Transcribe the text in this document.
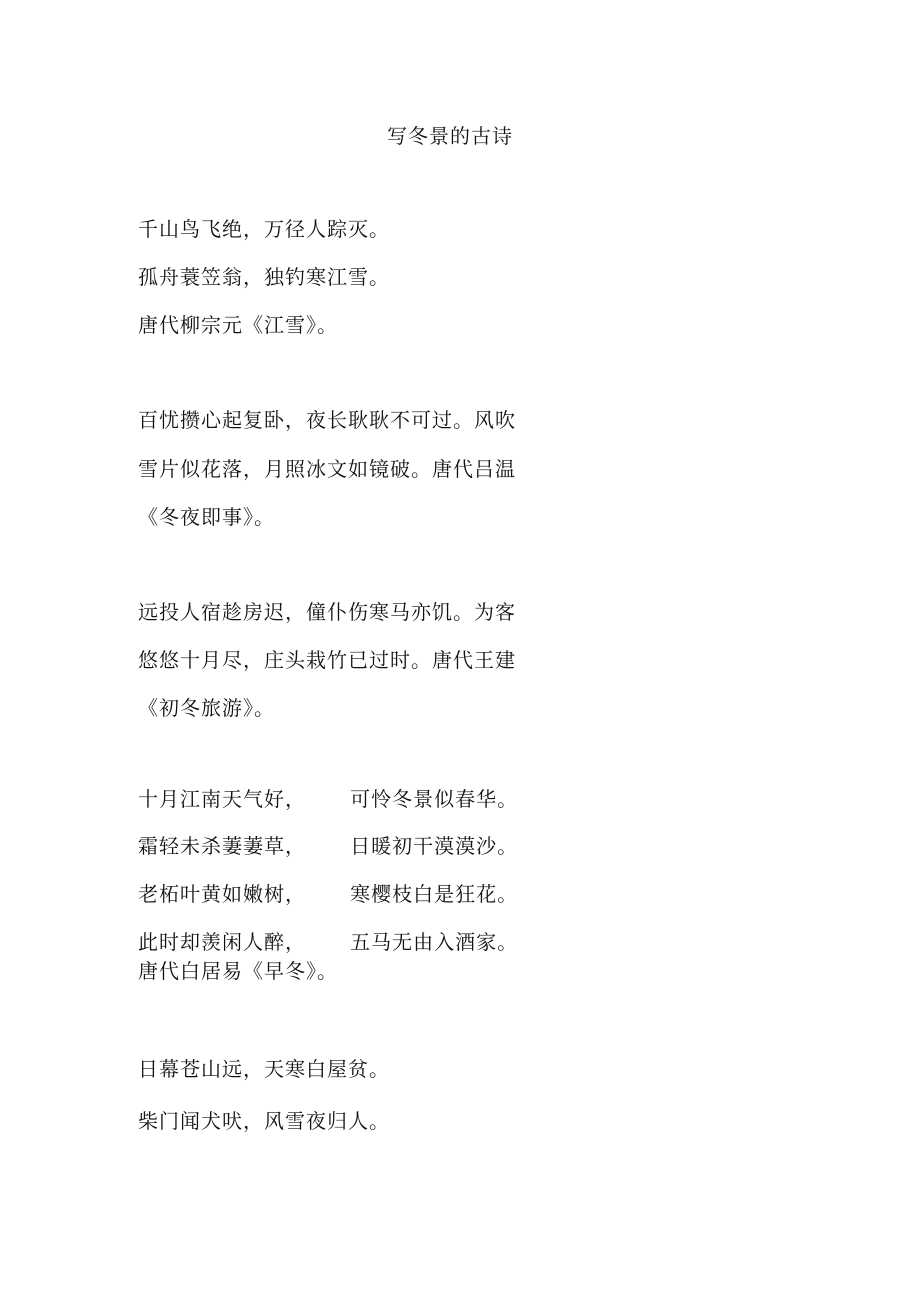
写冬景的古诗
千山鸟飞绝，万径人踪灭。
孤舟蓑笠翁，独钓寒江雪。
唐代柳宗元《江雪》。
百忧攒心起复卧，夜长耿耿不可过。风吹
雪片似花落，月照冰文如镜破。唐代吕温
《冬夜即事》。
远投人宿趁房迟，僮仆伤寒马亦饥。为客
悠悠十月尽，庄头栽竹已过时。唐代王建
《初冬旅游》。
十月江南天气好，      可怜冬景似春华。
霜轻未杀萋萋草，      日暖初干漠漠沙。
老柘叶黄如嫩树，      寒樱枝白是狂花。
此时却羡闲人醉，      五马无由入酒家。
唐代白居易《早冬》。
日幕苍山远，天寒白屋贫。
柴门闻犬吠，风雪夜归人。
